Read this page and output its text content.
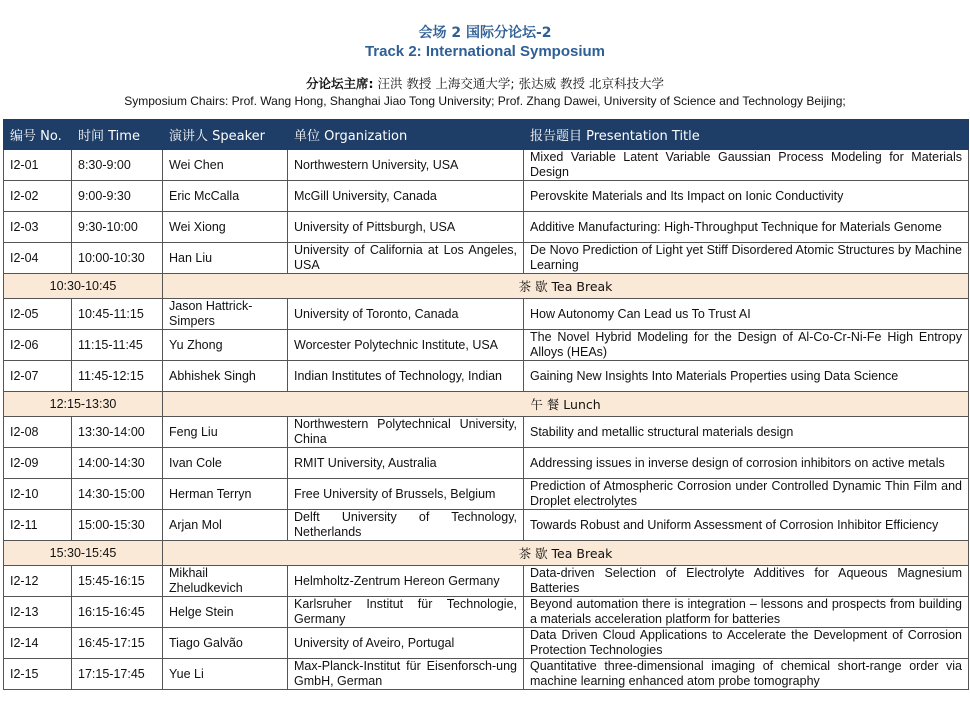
会场 2 国际分论坛-2
Track 2: International Symposium
分论坛主席: 汪洪 教授 上海交通大学; 张达威 教授 北京科技大学
Symposium Chairs: Prof. Wang Hong, Shanghai Jiao Tong University; Prof. Zhang Dawei, University of Science and Technology Beijing;
编号 No.	时间 Time	演讲人 Speaker	单位 Organization	报告题目 Presentation Title
I2-01	8:30-9:00	Wei Chen	Northwestern University, USA	Mixed Variable Latent Variable Gaussian Process Modeling for Materials Design
I2-02	9:00-9:30	Eric McCalla	McGill University, Canada	Perovskite Materials and Its Impact on Ionic Conductivity
I2-03	9:30-10:00	Wei Xiong	University of Pittsburgh, USA	Additive Manufacturing: High-Throughput Technique for Materials Genome
I2-04	10:00-10:30	Han Liu	University of California at Los Angeles, USA	De Novo Prediction of Light yet Stiff Disordered Atomic Structures by Machine Learning
10:30-10:45		茶 歇 Tea Break		
I2-05	10:45-11:15	Jason Hattrick-Simpers	University of Toronto, Canada	How Autonomy Can Lead us To Trust AI
I2-06	11:15-11:45	Yu Zhong	Worcester Polytechnic Institute, USA	The Novel Hybrid Modeling for the Design of Al-Co-Cr-Ni-Fe High Entropy Alloys (HEAs)
I2-07	11:45-12:15	Abhishek Singh	Indian Institutes of Technology, Indian	Gaining New Insights Into Materials Properties using Data Science
12:15-13:30		午 餐 Lunch		
I2-08	13:30-14:00	Feng Liu	Northwestern Polytechnical University, China	Stability and metallic structural materials design
I2-09	14:00-14:30	Ivan Cole	RMIT University, Australia	Addressing issues in inverse design of corrosion inhibitors on active metals
I2-10	14:30-15:00	Herman Terryn	Free University of Brussels, Belgium	Prediction of Atmospheric Corrosion under Controlled Dynamic Thin Film and Droplet electrolytes
I2-11	15:00-15:30	Arjan Mol	Delft University of Technology, Netherlands	Towards Robust and Uniform Assessment of Corrosion Inhibitor Efficiency
15:30-15:45		茶 歇 Tea Break		
I2-12	15:45-16:15	Mikhail Zheludkevich	Helmholtz-Zentrum Hereon Germany	Data-driven Selection of Electrolyte Additives for Aqueous Magnesium Batteries
I2-13	16:15-16:45	Helge Stein	Karlsruher Institut für Technologie, Germany	Beyond automation there is integration – lessons and prospects from building a materials acceleration platform for batteries
I2-14	16:45-17:15	Tiago Galvão	University of Aveiro, Portugal	Data Driven Cloud Applications to Accelerate the Development of Corrosion Protection Technologies
I2-15	17:15-17:45	Yue Li	Max-Planck-Institut für Eisenforsch-ung GmbH, German	Quantitative three-dimensional imaging of chemical short-range order via machine learning enhanced atom probe tomography
